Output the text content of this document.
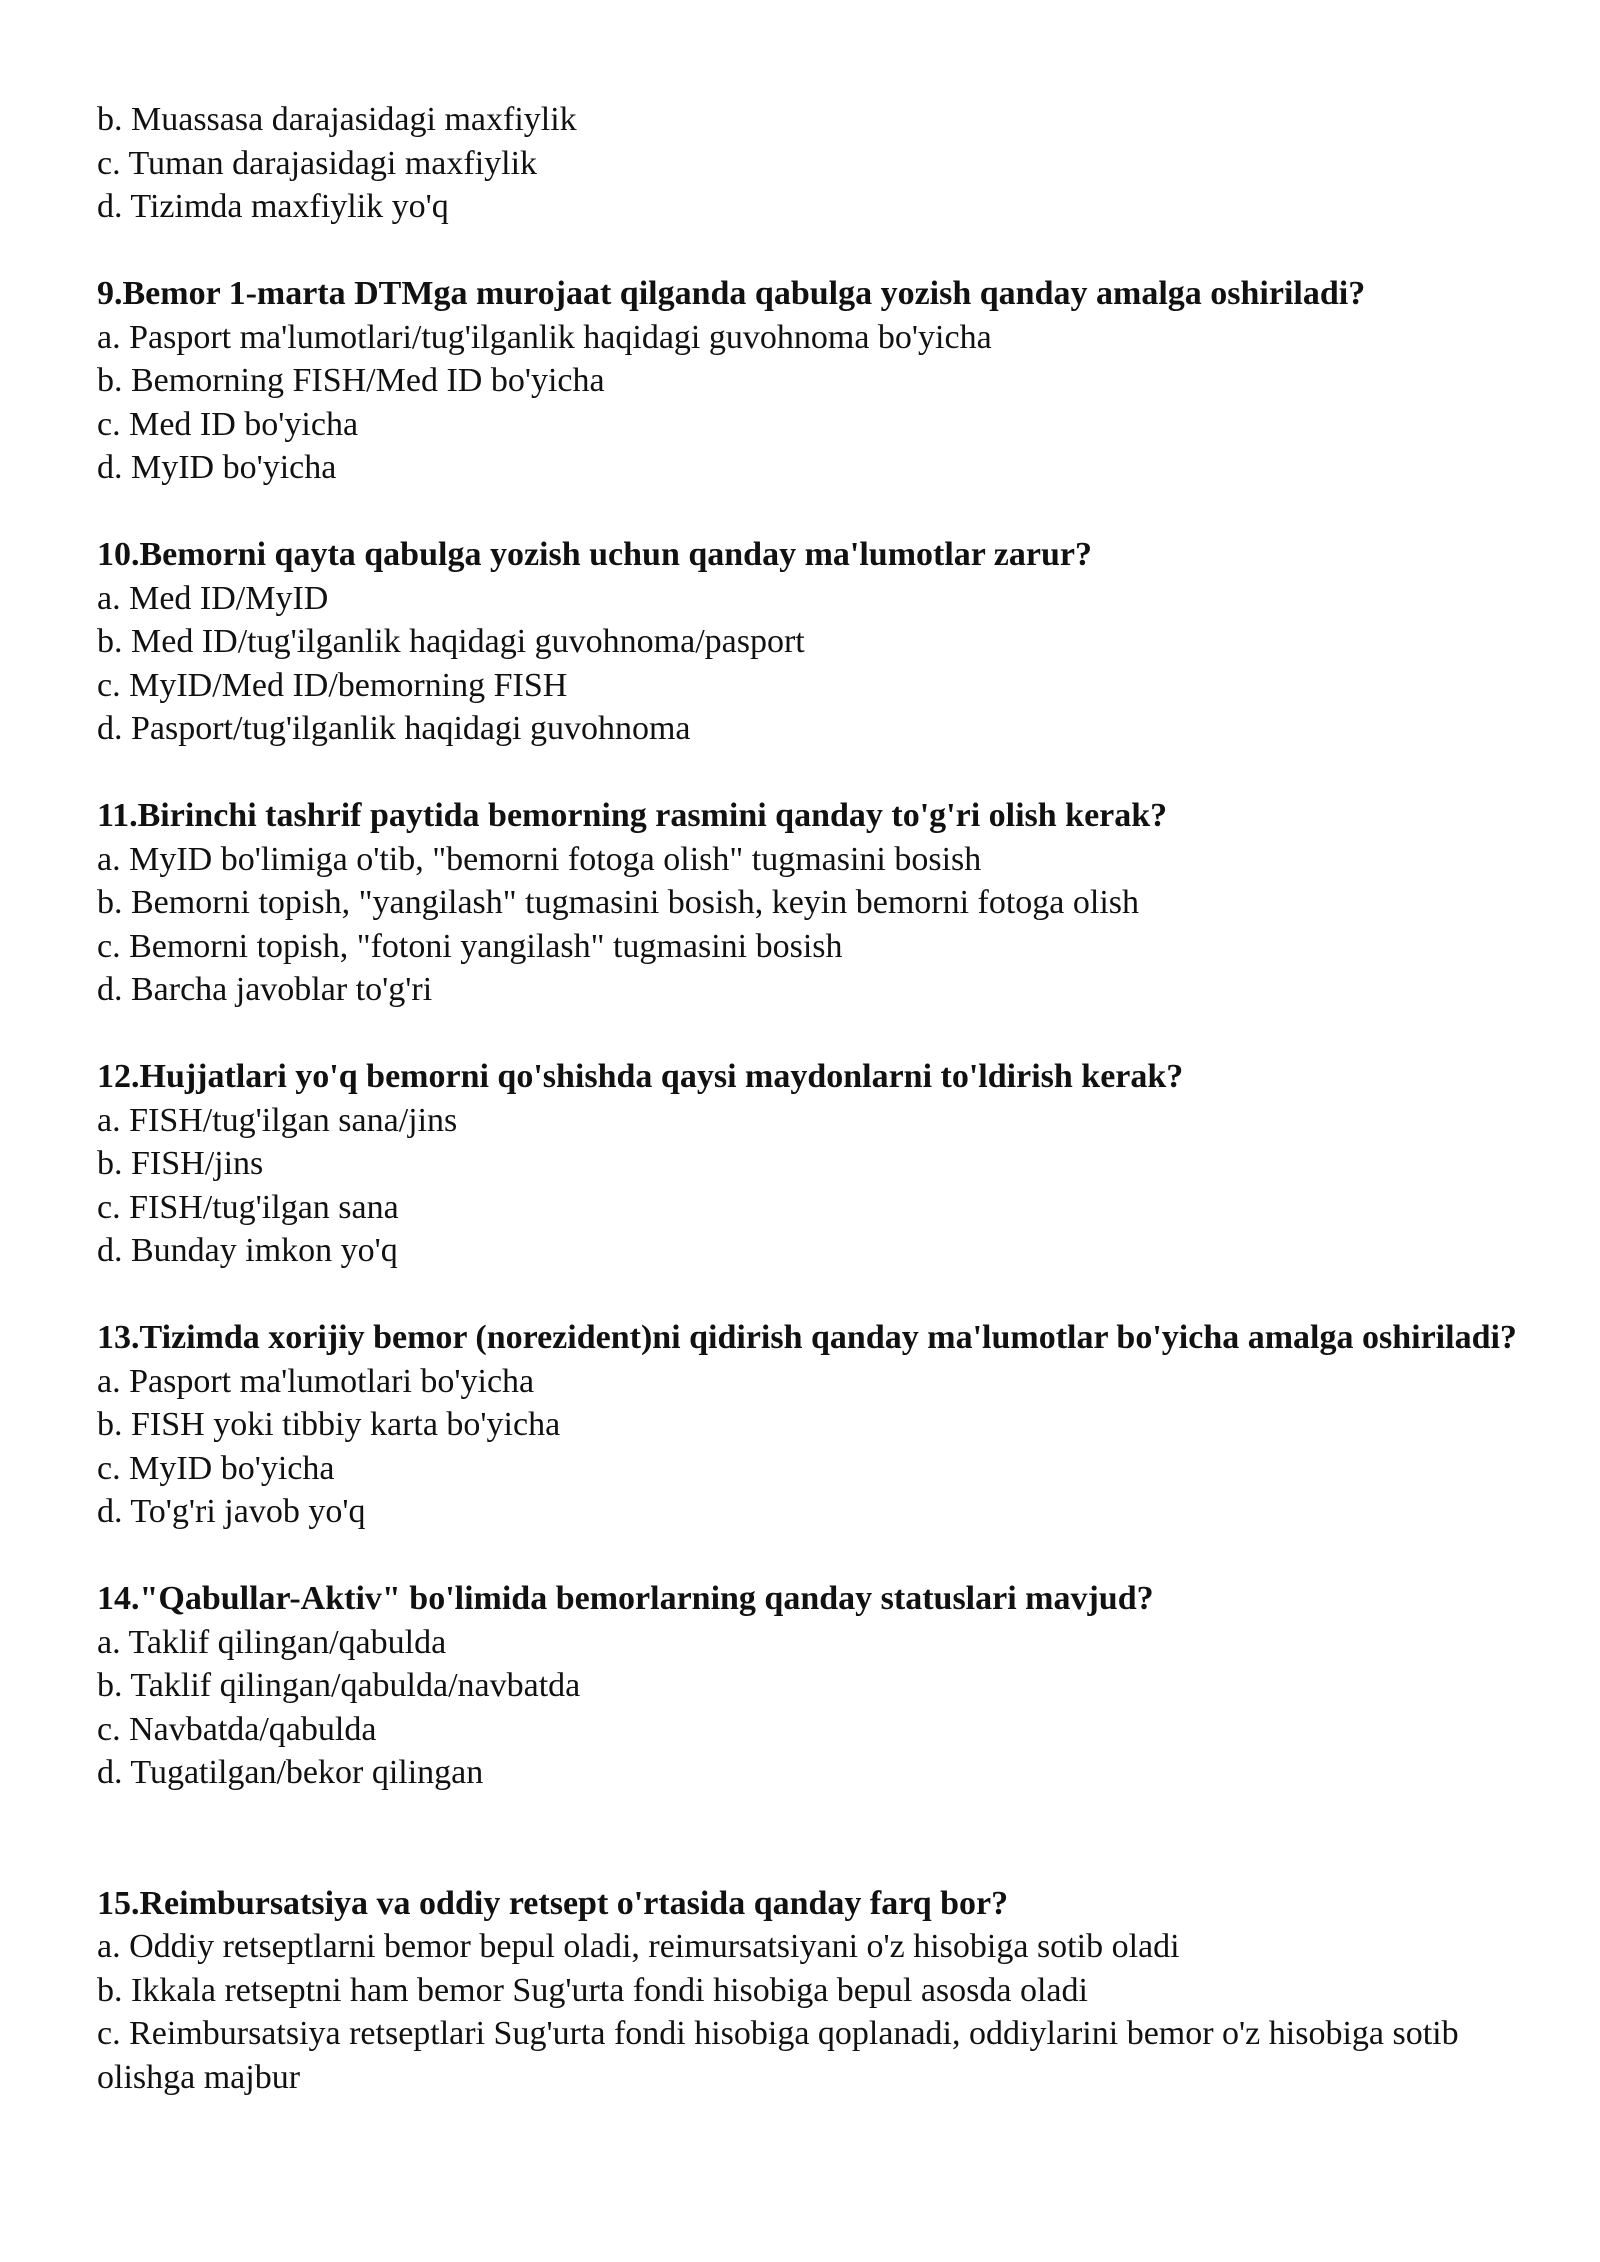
b. Muassasa darajasidagi maxfiylik

c. Tuman darajasidagi maxfiylik

d. Tizimda maxfiylik yo'q

9.Bemor 1-marta DTMga murojaat qilganda qabulga yozish qanday amalga oshiriladi?

a. Pasport ma'lumotlari/tug'ilganlik haqidagi guvohnoma bo'yicha

b. Bemorning FISH/Med ID bo'yicha

c. Med ID bo'yicha

d. MyID bo'yicha

10.Bemorni qayta qabulga yozish uchun qanday ma'lumotlar zarur?

a. Med ID/MyID

b. Med ID/tug'ilganlik haqidagi guvohnoma/pasport

c. MyID/Med ID/bemorning FISH

d. Pasport/tug'ilganlik haqidagi guvohnoma

11.Birinchi tashrif paytida bemorning rasmini qanday to'g'ri olish kerak?

a. MyID bo'limiga o'tib, "bemorni fotoga olish" tugmasini bosish

b. Bemorni topish, "yangilash" tugmasini bosish, keyin bemorni fotoga olish

c. Bemorni topish, "fotoni yangilash" tugmasini bosish

d. Barcha javoblar to'g'ri

12.Hujjatlari yo'q bemorni qo'shishda qaysi maydonlarni to'ldirish kerak?

a. FISH/tug'ilgan sana/jins

b. FISH/jins

c. FISH/tug'ilgan sana

d. Bunday imkon yo'q

13.Tizimda xorijiy bemor (norezident)ni qidirish qanday ma'lumotlar bo'yicha amalga oshiriladi?

a. Pasport ma'lumotlari bo'yicha

b. FISH yoki tibbiy karta bo'yicha

c. MyID bo'yicha

d. To'g'ri javob yo'q

14."Qabullar-Aktiv" bo'limida bemorlarning qanday statuslari mavjud?

a. Taklif qilingan/qabulda

b. Taklif qilingan/qabulda/navbatda

c. Navbatda/qabulda

d. Tugatilgan/bekor qilingan

15.Reimbursatsiya va oddiy retsept o'rtasida qanday farq bor?

a. Oddiy retseptlarni bemor bepul oladi, reimursatsiyani o'z hisobiga sotib oladi

b. Ikkala retseptni ham bemor Sug'urta fondi hisobiga bepul asosda oladi

c. Reimbursatsiya retseptlari Sug'urta fondi hisobiga qoplanadi, oddiylarini bemor o'z hisobiga sotib olishga majbur
